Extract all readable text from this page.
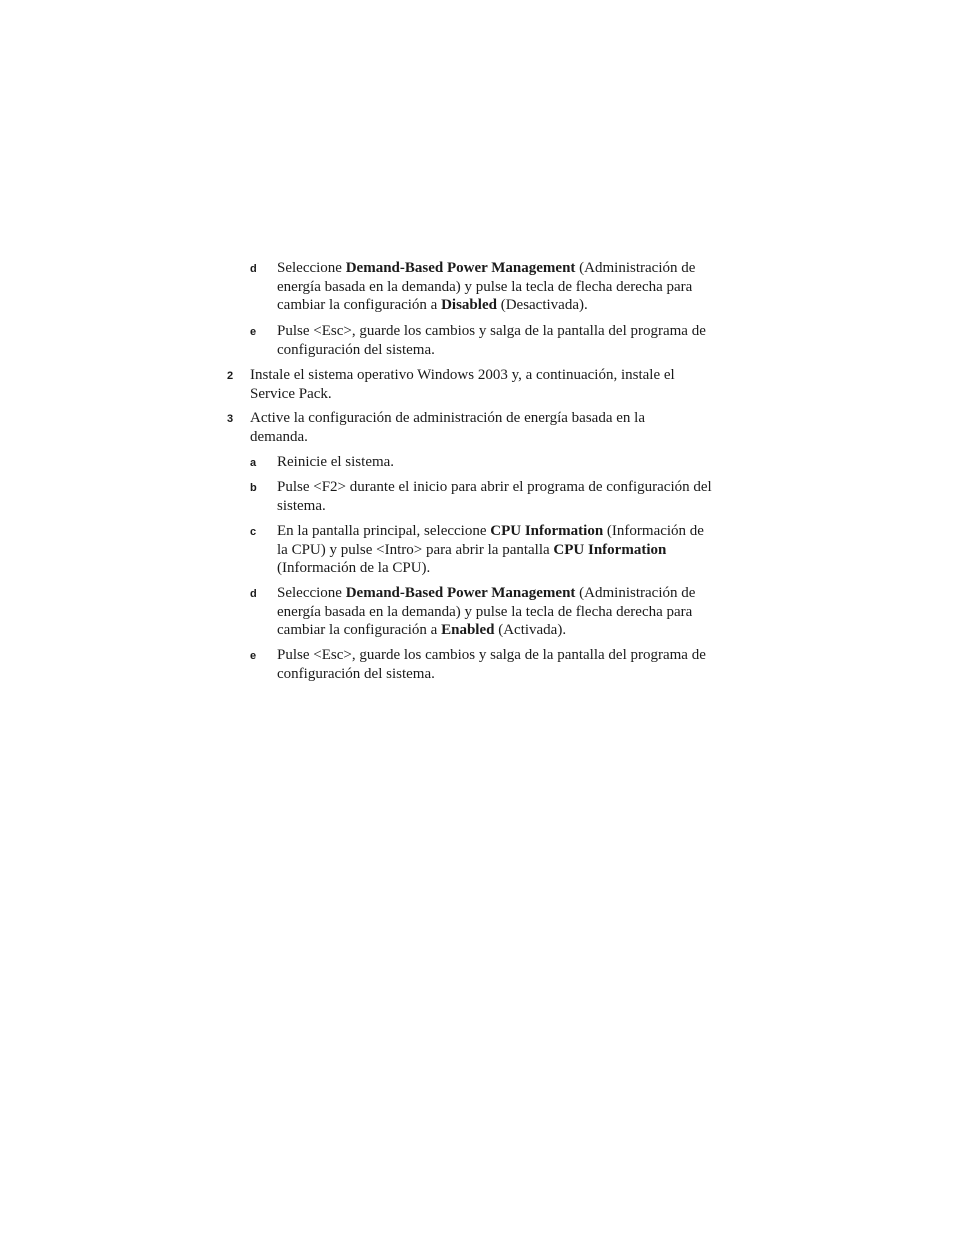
d Seleccione Demand-Based Power Management (Administración de energía basada en la demanda) y pulse la tecla de flecha derecha para cambiar la configuración a Disabled (Desactivada).
e Pulse <Esc>, guarde los cambios y salga de la pantalla del programa de configuración del sistema.
2 Instale el sistema operativo Windows 2003 y, a continuación, instale el Service Pack.
3 Active la configuración de administración de energía basada en la demanda.
a Reinicie el sistema.
b Pulse <F2> durante el inicio para abrir el programa de configuración del sistema.
c En la pantalla principal, seleccione CPU Information (Información de la CPU) y pulse <Intro> para abrir la pantalla CPU Information (Información de la CPU).
d Seleccione Demand-Based Power Management (Administración de energía basada en la demanda) y pulse la tecla de flecha derecha para cambiar la configuración a Enabled (Activada).
e Pulse <Esc>, guarde los cambios y salga de la pantalla del programa de configuración del sistema.
